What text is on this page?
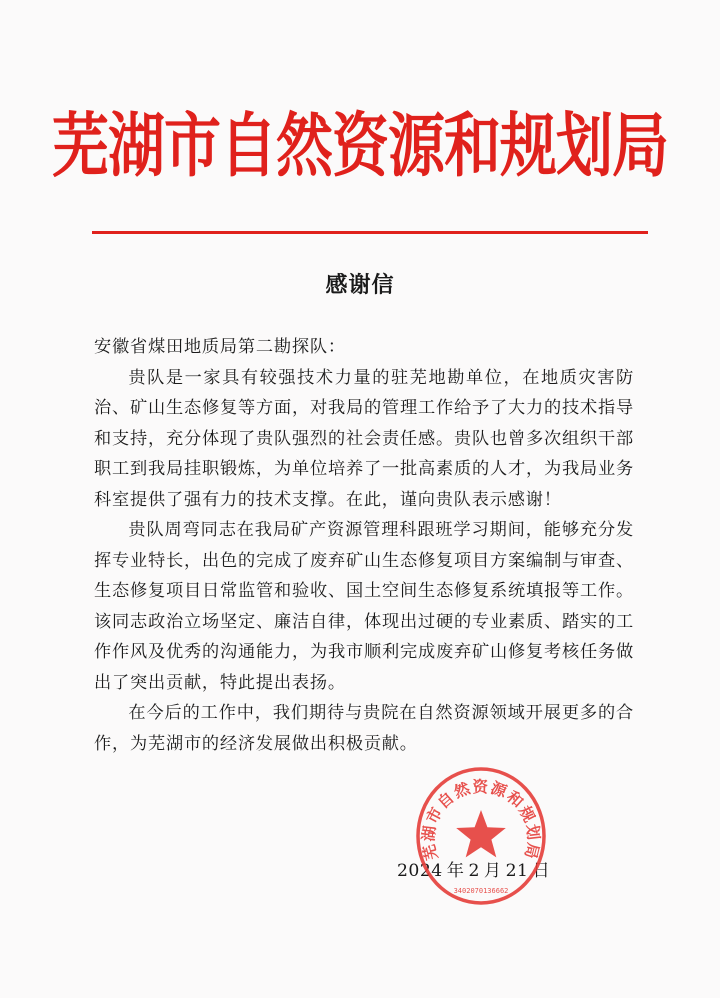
芜湖市自然资源和规划局
感谢信

安徽省煤田地质局第二勘探队：

贵队是一家具有较强技术力量的驻芜地勘单位，在地质灾害防治、矿山生态修复等方面，对我局的管理工作给予了大力的技术指导和支持，充分体现了贵队强烈的社会责任感。贵队也曾多次组织干部职工到我局挂职锻炼，为单位培养了一批高素质的人才，为我局业务科室提供了强有力的技术支撑。在此，谨向贵队表示感谢！

贵队周弯同志在我局矿产资源管理科跟班学习期间，能够充分发挥专业特长，出色的完成了废弃矿山生态修复项目方案编制与审查、生态修复项目日常监管和验收、国土空间生态修复系统填报等工作。该同志政治立场坚定、廉洁自律，体现出过硬的专业素质、踏实的工作作风及优秀的沟通能力，为我市顺利完成废弃矿山修复考核任务做出了突出贡献，特此提出表扬。

在今后的工作中，我们期待与贵院在自然资源领域开展更多的合作，为芜湖市的经济发展做出积极贡献。

2024 年 2 月 21 日
芜湖市自然资源和规划局
3402070136662
